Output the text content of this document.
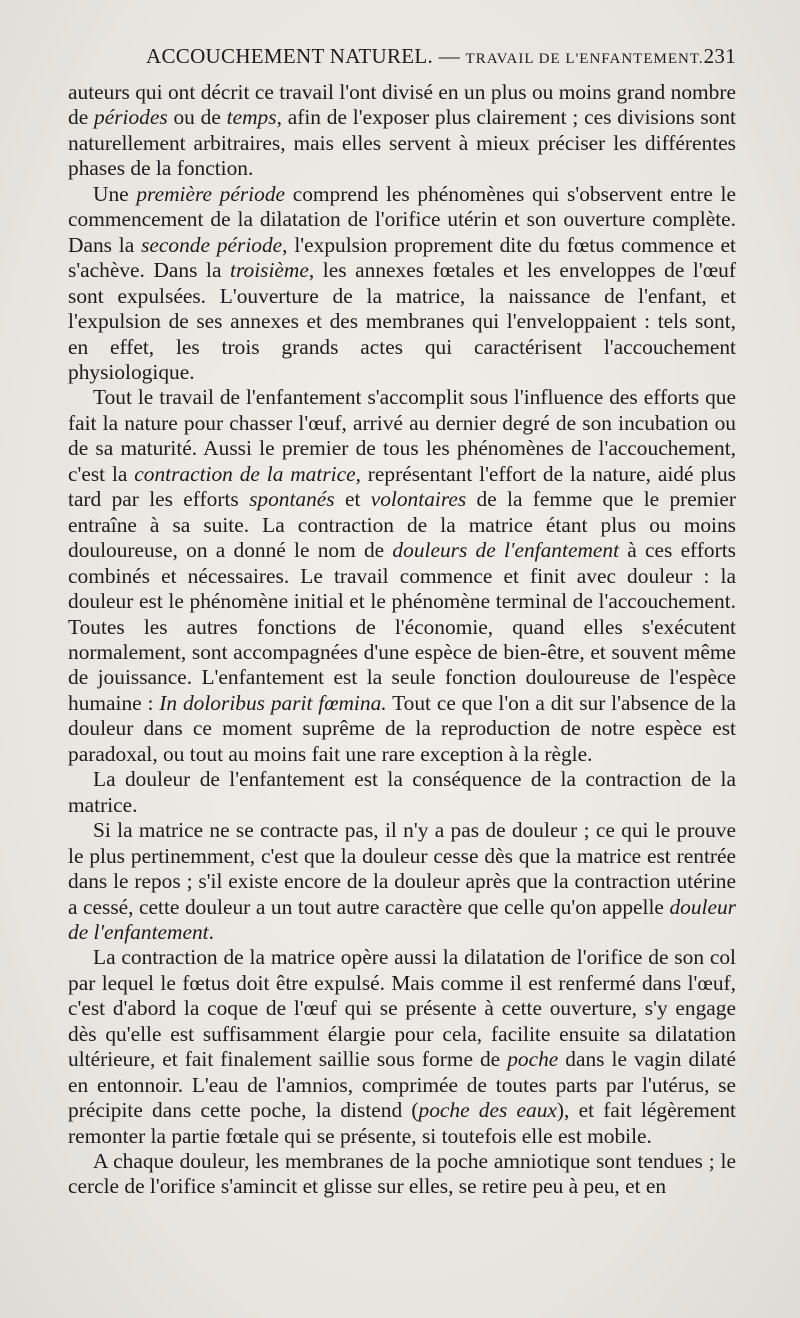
ACCOUCHEMENT NATUREL. — TRAVAIL DE L'ENFANTEMENT. 231

auteurs qui ont décrit ce travail l'ont divisé en un plus ou moins grand nombre de périodes ou de temps, afin de l'exposer plus clairement ; ces divisions sont naturellement arbitraires, mais elles servent à mieux préciser les différentes phases de la fonction.

Une première période comprend les phénomènes qui s'observent entre le commencement de la dilatation de l'orifice utérin et son ouverture complète. Dans la seconde période, l'expulsion proprement dite du fœtus commence et s'achève. Dans la troisième, les annexes fœtales et les enveloppes de l'œuf sont expulsées. L'ouverture de la matrice, la naissance de l'enfant, et l'expulsion de ses annexes et des membranes qui l'enveloppaient : tels sont, en effet, les trois grands actes qui caractérisent l'accouchement physiologique.

Tout le travail de l'enfantement s'accomplit sous l'influence des efforts que fait la nature pour chasser l'œuf, arrivé au dernier degré de son incubation ou de sa maturité. Aussi le premier de tous les phénomènes de l'accouchement, c'est la contraction de la matrice, représentant l'effort de la nature, aidé plus tard par les efforts spontanés et volontaires de la femme que le premier entraîne à sa suite. La contraction de la matrice étant plus ou moins douloureuse, on a donné le nom de douleurs de l'enfantement à ces efforts combinés et nécessaires. Le travail commence et finit avec douleur : la douleur est le phénomène initial et le phénomène terminal de l'accouchement. Toutes les autres fonctions de l'économie, quand elles s'exécutent normalement, sont accompagnées d'une espèce de bien-être, et souvent même de jouissance. L'enfantement est la seule fonction douloureuse de l'espèce humaine : In doloribus parit fœmina. Tout ce que l'on a dit sur l'absence de la douleur dans ce moment suprême de la reproduction de notre espèce est paradoxal, ou tout au moins fait une rare exception à la règle.

La douleur de l'enfantement est la conséquence de la contraction de la matrice.

Si la matrice ne se contracte pas, il n'y a pas de douleur ; ce qui le prouve le plus pertinemment, c'est que la douleur cesse dès que la matrice est rentrée dans le repos ; s'il existe encore de la douleur après que la contraction utérine a cessé, cette douleur a un tout autre caractère que celle qu'on appelle douleur de l'enfantement.

La contraction de la matrice opère aussi la dilatation de l'orifice de son col par lequel le fœtus doit être expulsé. Mais comme il est renfermé dans l'œuf, c'est d'abord la coque de l'œuf qui se présente à cette ouverture, s'y engage dès qu'elle est suffisamment élargie pour cela, facilite ensuite sa dilatation ultérieure, et fait finalement saillie sous forme de poche dans le vagin dilaté en entonnoir. L'eau de l'amnios, comprimée de toutes parts par l'utérus, se précipite dans cette poche, la distend (poche des eaux), et fait légèrement remonter la partie fœtale qui se présente, si toutefois elle est mobile.

A chaque douleur, les membranes de la poche amniotique sont tendues ; le cercle de l'orifice s'amincit et glisse sur elles, se retire peu à peu, et en
